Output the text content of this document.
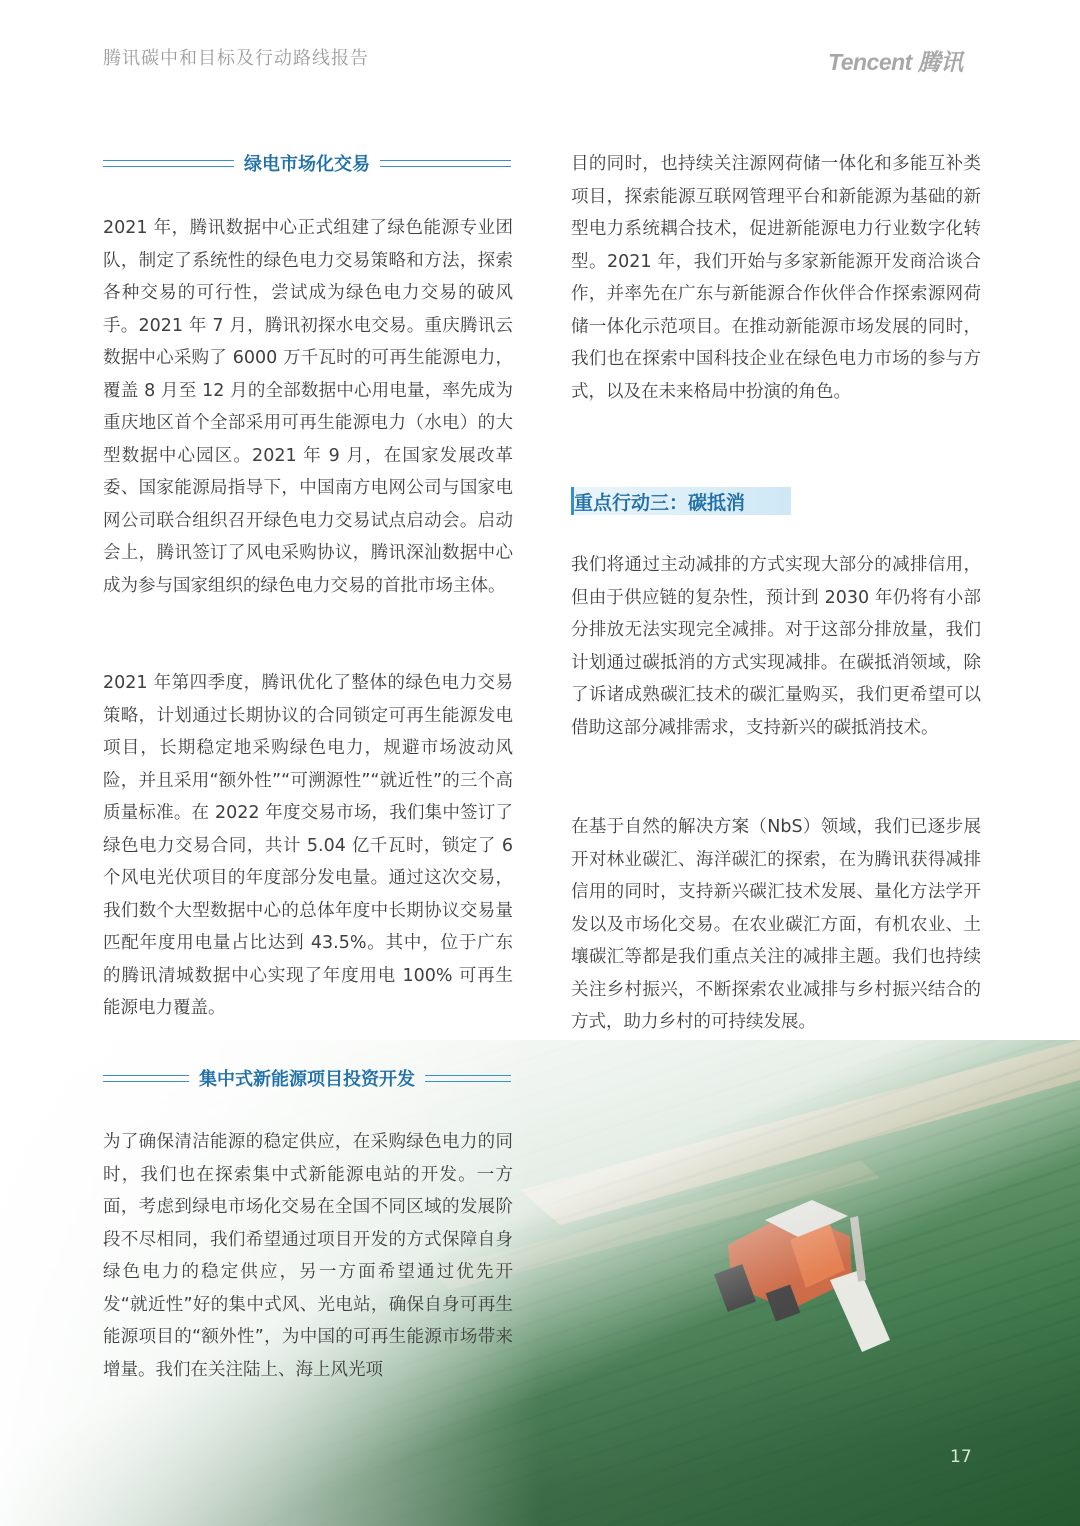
腾讯碳中和目标及行动路线报告	Tencent 腾讯
绿电市场化交易

2021 年，腾讯数据中心正式组建了绿色能源专业团队，制定了系统性的绿色电力交易策略和方法，探索各种交易的可行性，尝试成为绿色电力交易的破风手。2021 年 7 月，腾讯初探水电交易。重庆腾讯云数据中心采购了 6000 万千瓦时的可再生能源电力，覆盖 8 月至 12 月的全部数据中心用电量，率先成为重庆地区首个全部采用可再生能源电力（水电）的大型数据中心园区。2021 年 9 月，在国家发展改革委、国家能源局指导下，中国南方电网公司与国家电网公司联合组织召开绿色电力交易试点启动会。启动会上，腾讯签订了风电采购协议，腾讯深汕数据中心成为参与国家组织的绿色电力交易的首批市场主体。

2021 年第四季度，腾讯优化了整体的绿色电力交易策略，计划通过长期协议的合同锁定可再生能源发电项目，长期稳定地采购绿色电力，规避市场波动风险，并且采用“额外性”“可溯源性”“就近性”的三个高质量标准。在 2022 年度交易市场，我们集中签订了绿色电力交易合同，共计 5.04 亿千瓦时，锁定了 6 个风电光伏项目的年度部分发电量。通过这次交易，我们数个大型数据中心的总体年度中长期协议交易量匹配年度用电量占比达到 43.5%。其中，位于广东的腾讯清城数据中心实现了年度用电 100% 可再生能源电力覆盖。

集中式新能源项目投资开发

为了确保清洁能源的稳定供应，在采购绿色电力的同时，我们也在探索集中式新能源电站的开发。一方面，考虑到绿电市场化交易在全国不同区域的发展阶段不尽相同，我们希望通过项目开发的方式保障自身绿色电力的稳定供应，另一方面希望通过优先开发“就近性”好的集中式风、光电站，确保自身可再生能源项目的“额外性”，为中国的可再生能源市场带来增量。我们在关注陆上、海上风光项

目的同时，也持续关注源网荷储一体化和多能互补类项目，探索能源互联网管理平台和新能源为基础的新型电力系统耦合技术，促进新能源电力行业数字化转型。2021 年，我们开始与多家新能源开发商洽谈合作，并率先在广东与新能源合作伙伴合作探索源网荷储一体化示范项目。在推动新能源市场发展的同时，我们也在探索中国科技企业在绿色电力市场的参与方式，以及在未来格局中扮演的角色。

重点行动三：碳抵消

我们将通过主动减排的方式实现大部分的减排信用，但由于供应链的复杂性，预计到 2030 年仍将有小部分排放无法实现完全减排。对于这部分排放量，我们计划通过碳抵消的方式实现减排。在碳抵消领域，除了诉诸成熟碳汇技术的碳汇量购买，我们更希望可以借助这部分减排需求，支持新兴的碳抵消技术。

在基于自然的解决方案（NbS）领域，我们已逐步展开对林业碳汇、海洋碳汇的探索，在为腾讯获得减排信用的同时，支持新兴碳汇技术发展、量化方法学开发以及市场化交易。在农业碳汇方面，有机农业、土壤碳汇等都是我们重点关注的减排主题。我们也持续关注乡村振兴，不断探索农业减排与乡村振兴结合的方式，助力乡村的可持续发展。

17
